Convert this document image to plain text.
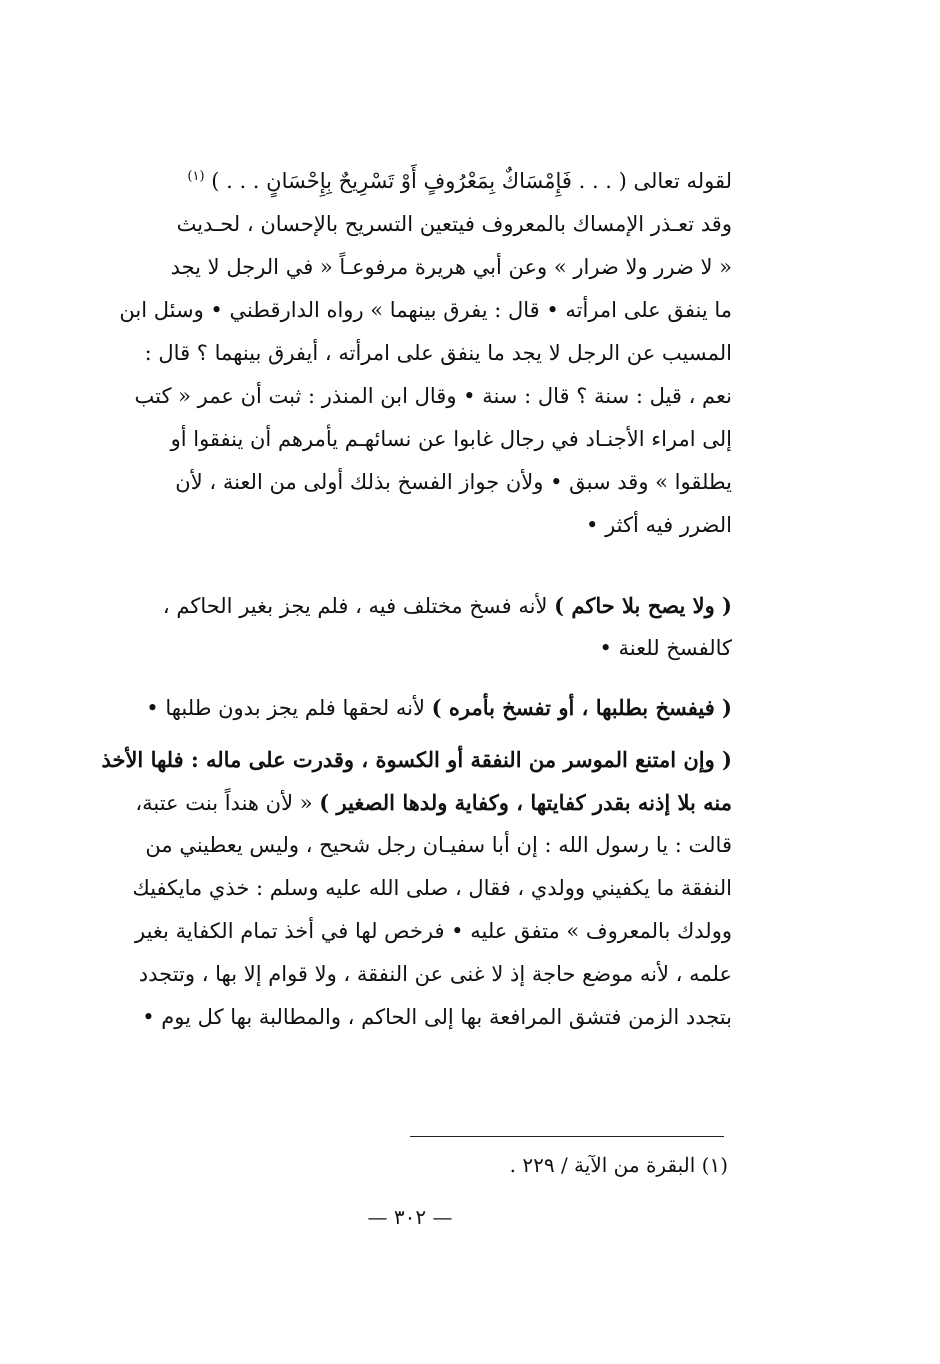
لقوله تعالى ( . . . فَإِمْسَاكٌ بِمَعْرُوفٍ أَوْ تَسْرِيحٌ بِإِحْسَانٍ . . . ) $^{(١)}$
وقد تعـذر الإمساك بالمعروف فيتعين التسريح بالإحسان ، لحـديث
« لا ضرر ولا ضرار » وعن أبي هريرة مرفوعـاً « في الرجل لا يجد
ما ينفق على امرأته • قال : يفرق بينهما » رواه الدارقطني • وسئل ابن
المسيب عن الرجل لا يجد ما ينفق على امرأته ، أيفرق بينهما ؟ قال :
نعم ، قيل : سنة ؟ قال : سنة • وقال ابن المنذر : ثبت أن عمر « كتب
إلى امراء الأجنـاد في رجال غابوا عن نسائهـم يأمرهم أن ينفقوا أو
يطلقوا » وقد سبق • ولأن جواز الفسخ بذلك أولى من العنة ، لأن
الضرر فيه أكثر •
( ولا يصح بلا حاكم ) لأنه فسخ مختلف فيه ، فلم يجز بغير الحاكم ،
كالفسخ للعنة •
( فيفسخ بطلبها ، أو تفسخ بأمره ) لأنه لحقها فلم يجز بدون طلبها •
( وإن امتنع الموسر من النفقة أو الكسوة ، وقدرت على ماله : فلها الأخذ
منه بلا إذنه بقدر كفايتها ، وكفاية ولدها الصغير ) « لأن هنداً بنت عتبة،
قالت : يا رسول الله : إن أبا سفيـان رجل شحيح ، وليس يعطيني من
النفقة ما يكفيني وولدي ، فقال ، صلى الله عليه وسلم : خذي مايكفيك
وولدك بالمعروف » متفق عليه • فرخص لها في أخذ تمام الكفاية بغير
علمه ، لأنه موضع حاجة إذ لا غنى عن النفقة ، ولا قوام إلا بها ، وتتجدد
بتجدد الزمن فتشق المرافعة بها إلى الحاكم ، والمطالبة بها كل يوم •
(١) البقرة من الآية / ٢٢٩ .
— ٣٠٢ —
